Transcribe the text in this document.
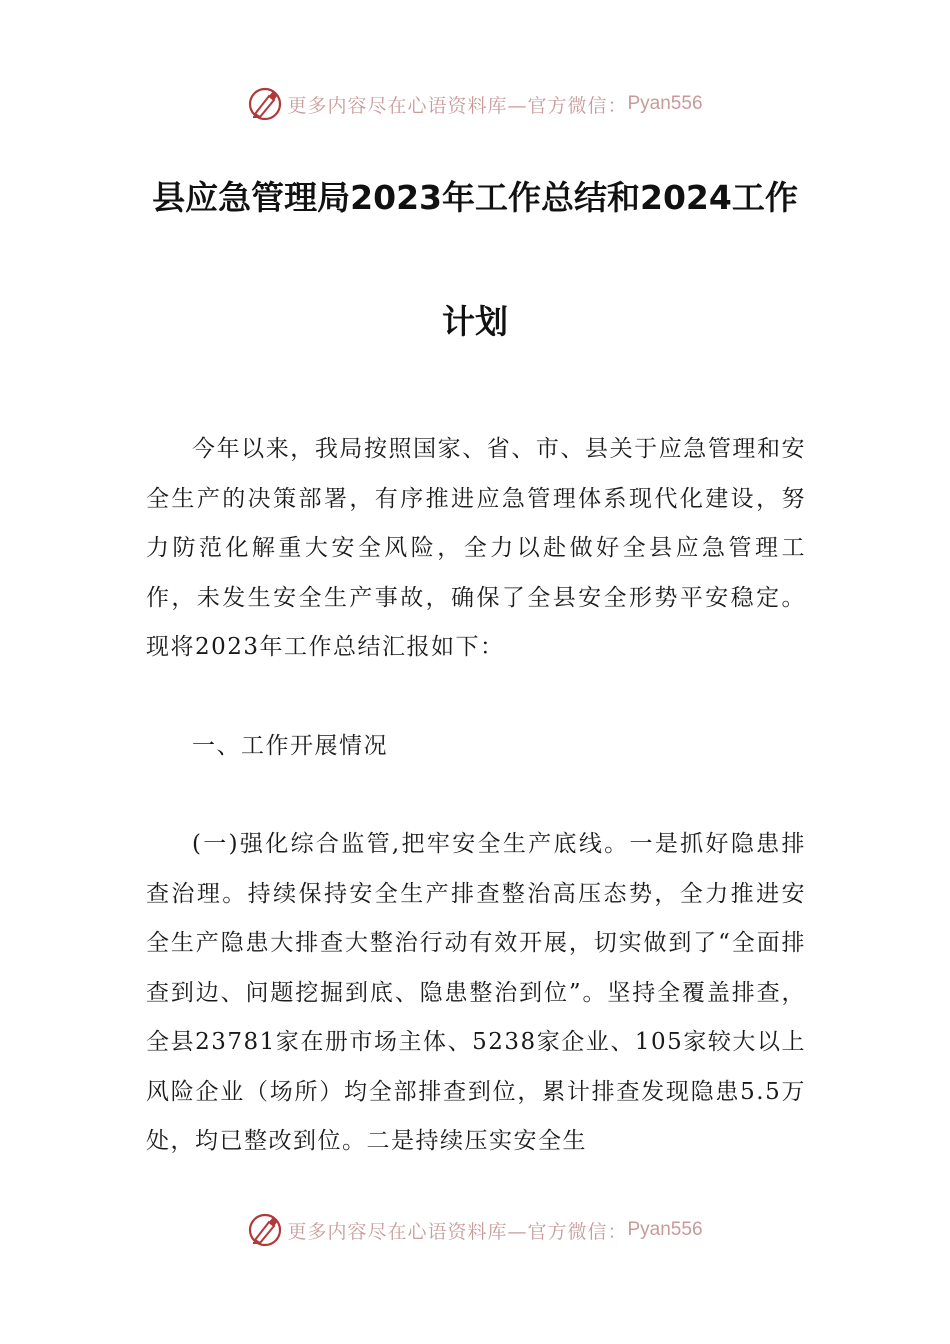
更多内容尽在心语资料库—官方微信： Pyan556
县应急管理局2023年工作总结和2024工作
计划

今年以来，我局按照国家、省、市、县关于应急管理和安全生产的决策部署，有序推进应急管理体系现代化建设，努力防范化解重大安全风险，全力以赴做好全县应急管理工作，未发生安全生产事故，确保了全县安全形势平安稳定。现将2023年工作总结汇报如下：

一、工作开展情况

(一)强化综合监管,把牢安全生产底线。一是抓好隐患排查治理。持续保持安全生产排查整治高压态势，全力推进安全生产隐患大排查大整治行动有效开展，切实做到了“全面排查到边、问题挖掘到底、隐患整治到位”。坚持全覆盖排查，全县23781家在册市场主体、5238家企业、105家较大以上风险企业（场所）均全部排查到位，累计排查发现隐患5.5万处，均已整改到位。二是持续压实安全生

更多内容尽在心语资料库—官方微信： Pyan556
